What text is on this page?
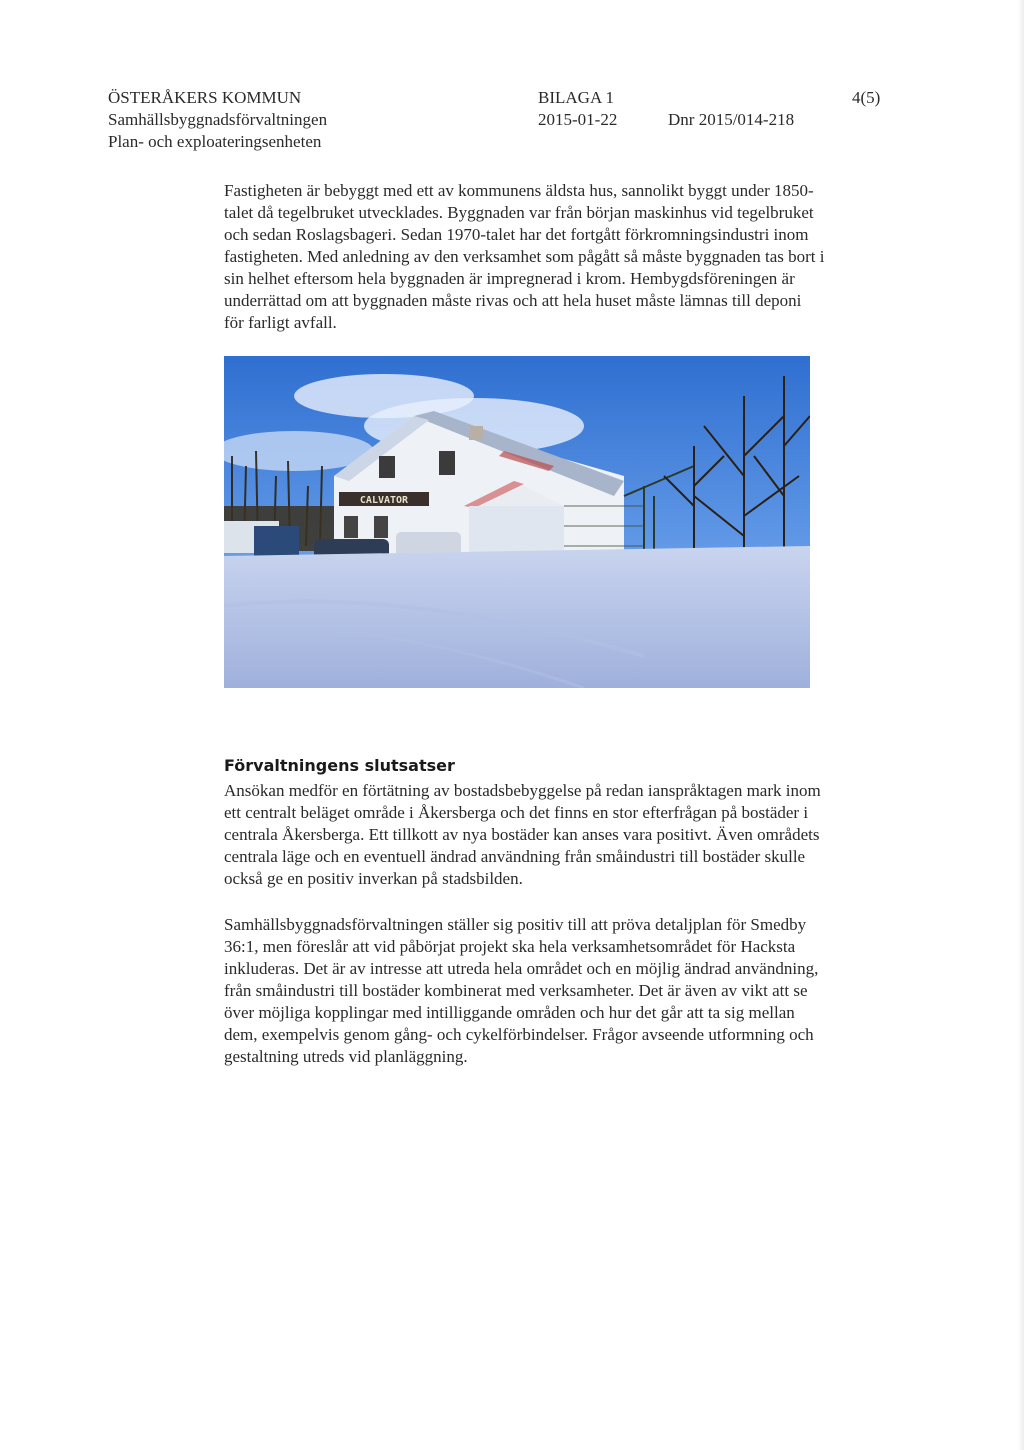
ÖSTERÅKERS KOMMUN
Samhällsbyggnadsförvaltningen
Plan- och exploateringsenheten
BILAGA 1
2015-01-22	Dnr 2015/014-218
4(5)
Fastigheten är bebyggt med ett av kommunens äldsta hus, sannolikt byggt under 1850-
talet då tegelbruket utvecklades. Byggnaden var från början maskinhus vid tegelbruket
och sedan Roslagsbageri. Sedan 1970-talet har det fortgått förkromningsindustri inom
fastigheten. Med anledning av den verksamhet som pågått så måste byggnaden tas bort i
sin helhet eftersom hela byggnaden är impregnerad i krom. Hembygdsföreningen är
underrättad om att byggnaden måste rivas och att hela huset måste lämnas till deponi
för farligt avfall.
CALVATOR
Förvaltningens slutsatser
Ansökan medför en förtätning av bostadsbebyggelse på redan ianspråktagen mark inom
ett centralt beläget område i Åkersberga och det finns en stor efterfrågan på bostäder i
centrala Åkersberga. Ett tillkott av nya bostäder kan anses vara positivt. Även områdets
centrala läge och en eventuell ändrad användning från småindustri till bostäder skulle
också ge en positiv inverkan på stadsbilden.
Samhällsbyggnadsförvaltningen ställer sig positiv till att pröva detaljplan för Smedby
36:1, men föreslår att vid påbörjat projekt ska hela verksamhetsområdet för Hacksta
inkluderas. Det är av intresse att utreda hela området och en möjlig ändrad användning,
från småindustri till bostäder kombinerat med verksamheter. Det är även av vikt att se
över möjliga kopplingar med intilliggande områden och hur det går att ta sig mellan
dem, exempelvis genom gång- och cykelförbindelser. Frågor avseende utformning och
gestaltning utreds vid planläggning.
